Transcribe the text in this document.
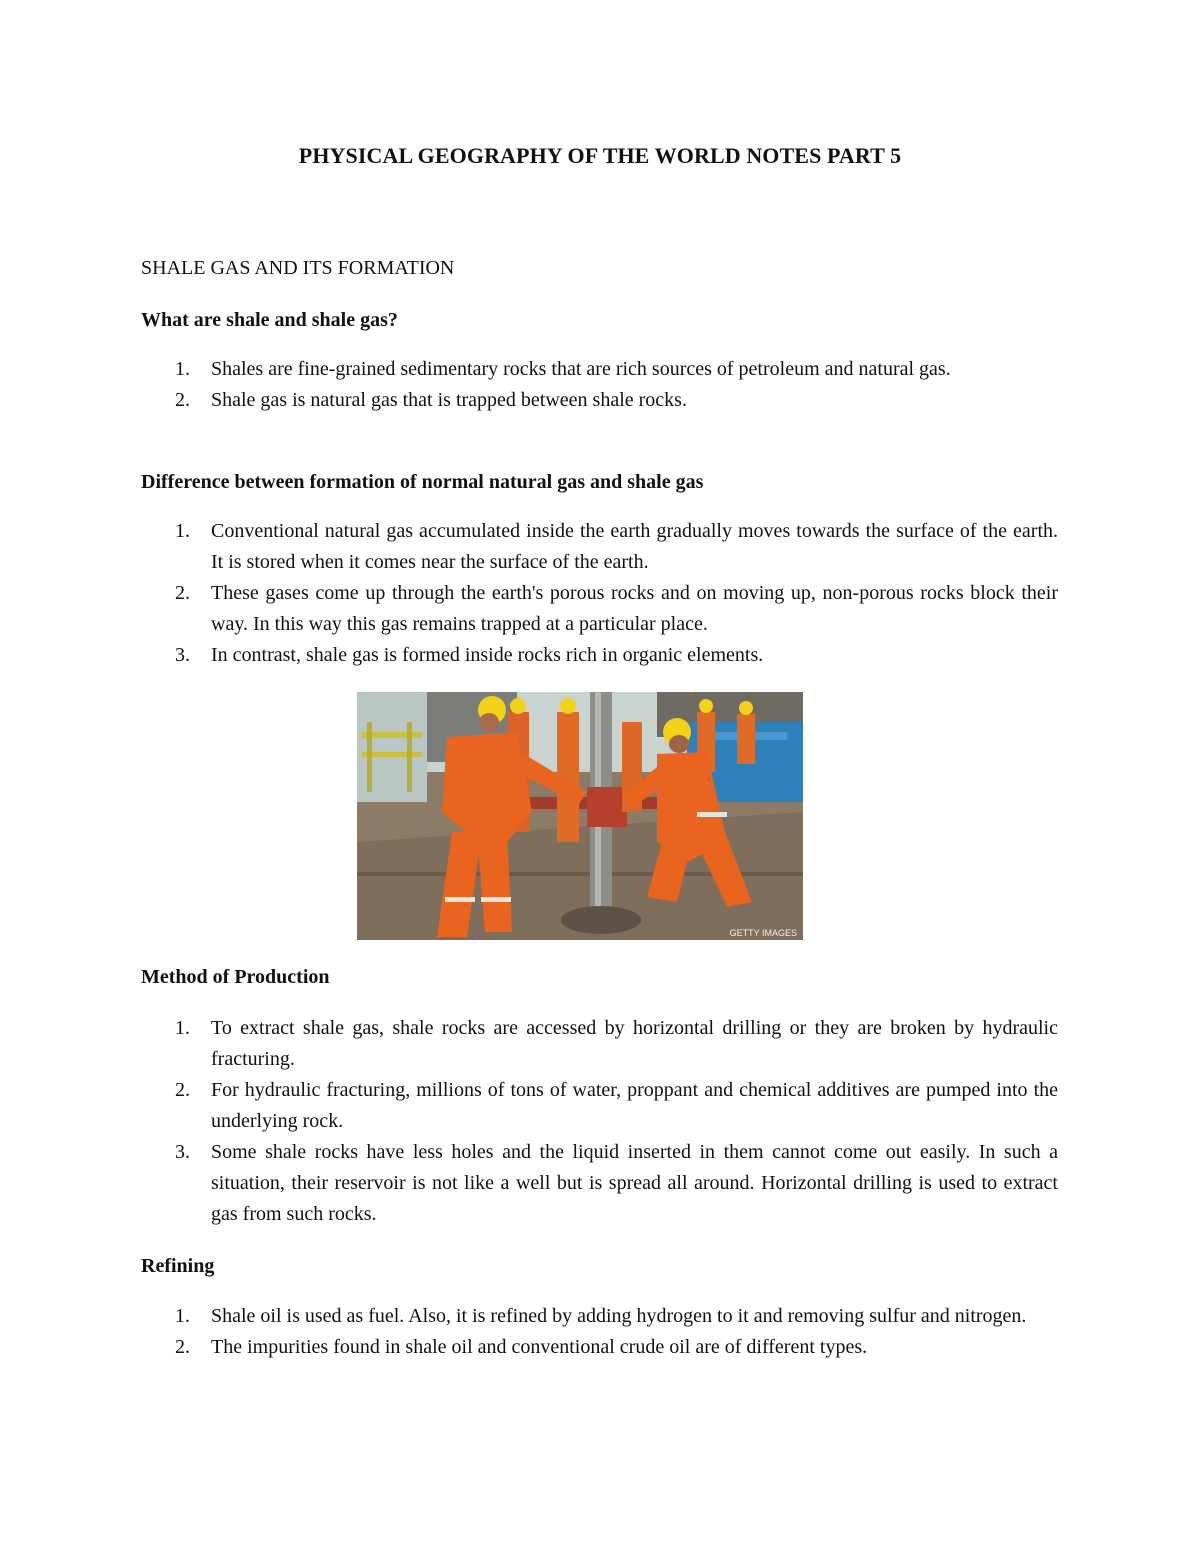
PHYSICAL GEOGRAPHY OF THE WORLD NOTES PART 5
SHALE GAS AND ITS FORMATION
What are shale and shale gas?
1. Shales are fine-grained sedimentary rocks that are rich sources of petroleum and natural gas.
2. Shale gas is natural gas that is trapped between shale rocks.
Difference between formation of normal natural gas and shale gas
1. Conventional natural gas accumulated inside the earth gradually moves towards the surface of the earth. It is stored when it comes near the surface of the earth.
2. These gases come up through the earth's porous rocks and on moving up, non-porous rocks block their way. In this way this gas remains trapped at a particular place.
3. In contrast, shale gas is formed inside rocks rich in organic elements.
GETTY IMAGES
Method of Production
1. To extract shale gas, shale rocks are accessed by horizontal drilling or they are broken by hydraulic fracturing.
2. For hydraulic fracturing, millions of tons of water, proppant and chemical additives are pumped into the underlying rock.
3. Some shale rocks have less holes and the liquid inserted in them cannot come out easily. In such a situation, their reservoir is not like a well but is spread all around. Horizontal drilling is used to extract gas from such rocks.
Refining
1. Shale oil is used as fuel. Also, it is refined by adding hydrogen to it and removing sulfur and nitrogen.
2. The impurities found in shale oil and conventional crude oil are of different types.
